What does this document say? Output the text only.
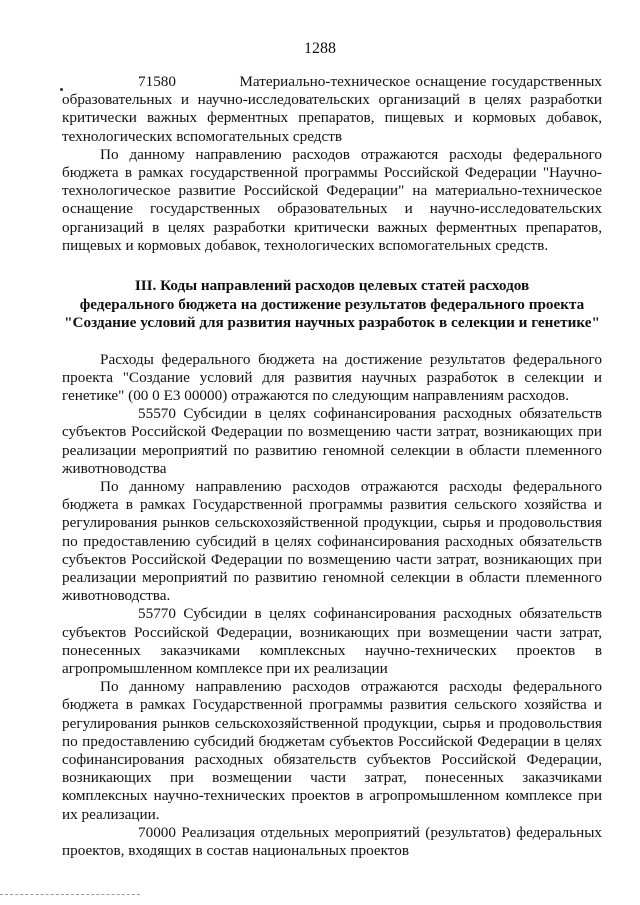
1288

71580	Материально-техническое оснащение государственных образовательных и научно-исследовательских организаций в целях разработки критически важных ферментных препаратов, пищевых и кормовых добавок, технологических вспомогательных средств

По данному направлению расходов отражаются расходы федерального бюджета в рамках государственной программы Российской Федерации "Научно-технологическое развитие Российской Федерации" на материально-техническое оснащение государственных образовательных и научно-исследовательских организаций в целях разработки критически важных ферментных препаратов, пищевых и кормовых добавок, технологических вспомогательных средств.

III. Коды направлений расходов целевых статей расходов
федерального бюджета на достижение результатов федерального проекта
"Создание условий для развития научных разработок в селекции и генетике"

Расходы федерального бюджета на достижение результатов федерального проекта "Создание условий для развития научных разработок в селекции и генетике" (00 0 Е3 00000) отражаются по следующим направлениям расходов.

55570 Субсидии в целях софинансирования расходных обязательств субъектов Российской Федерации по возмещению части затрат, возникающих при реализации мероприятий по развитию геномной селекции в области племенного животноводства

По данному направлению расходов отражаются расходы федерального бюджета в рамках Государственной программы развития сельского хозяйства и регулирования рынков сельскохозяйственной продукции, сырья и продовольствия по предоставлению субсидий в целях софинансирования расходных обязательств субъектов Российской Федерации по возмещению части затрат, возникающих при реализации мероприятий по развитию геномной селекции в области племенного животноводства.

55770 Субсидии в целях софинансирования расходных обязательств субъектов Российской Федерации, возникающих при возмещении части затрат, понесенных заказчиками комплексных научно-технических проектов в агропромышленном комплексе при их реализации

По данному направлению расходов отражаются расходы федерального бюджета в рамках Государственной программы развития сельского хозяйства и регулирования рынков сельскохозяйственной продукции, сырья и продовольствия по предоставлению субсидий бюджетам субъектов Российской Федерации в целях софинансирования расходных обязательств субъектов Российской Федерации, возникающих при возмещении части затрат, понесенных заказчиками комплексных научно-технических проектов в агропромышленном комплексе при их реализации.

70000 Реализация отдельных мероприятий (результатов) федеральных проектов, входящих в состав национальных проектов
